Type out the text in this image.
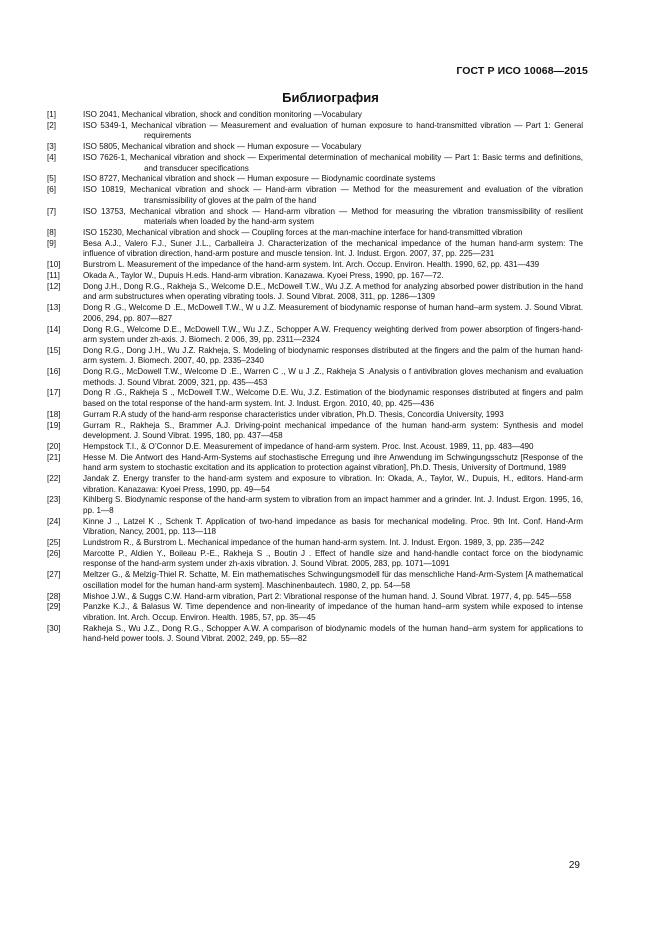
ГОСТ Р ИСО 10068—2015
Библиография
[1]	ISO 2041, Mechanical vibration, shock and condition monitoring —Vocabulary
[2]	ISO 5349-1, Mechanical vibration — Measurement and evaluation of human exposure to hand-transmitted vibration — Part 1: General requirements
[3]	ISO 5805, Mechanical vibration and shock — Human exposure — Vocabulary
[4]	ISO 7626-1, Mechanical vibration and shock — Experimental determination of mechanical mobility — Part 1: Basic terms and definitions, and transducer specifications
[5]	ISO 8727, Mechanical vibration and shock — Human exposure — Biodynamic coordinate systems
[6]	ISO 10819, Mechanical vibration and shock — Hand-arm vibration — Method for the measurement and evaluation of the vibration transmissibility of gloves at the palm of the hand
[7]	ISO 13753, Mechanical vibration and shock — Hand-arm vibration — Method for measuring the vibration transmissibility of resilient materials when loaded by the hand-arm system
[8]	ISO 15230, Mechanical vibration and shock — Coupling forces at the man-machine interface for hand-transmitted vibration
[9]	Besa A.J., Valero F.J., Suner J.L., Carballeira J. Characterization of the mechanical impedance of the human hand-arm system: The influence of vibration direction, hand-arm posture and muscle tension. Int. J. Indust. Ergon. 2007, 37, pp. 225—231
[10]	Burstrom L. Measurement of the impedance of the hand-arm system. Int. Arch. Occup. Environ. Health. 1990, 62, pp. 431—439
[11]	Okada A., Taylor W., Dupuis H.eds. Hand-arm vibration. Kanazawa. Kyoei Press, 1990, pp. 167—72.
[12]	Dong J.H., Dong R.G., Rakheja S., Welcome D.E., McDowell T.W., Wu J.Z. A method for analyzing absorbed power distribution in the hand and arm substructures when operating vibrating tools. J. Sound Vibrat. 2008, 311, pp. 1286—1309
[13]	Dong R .G., Welcome D .E., McDowell T.W., W u J.Z. Measurement of biodynamic response of human hand–arm system. J. Sound Vibrat. 2006, 294, pp. 807—827
[14]	Dong R.G., Welcome D.E., McDowell T.W., Wu J.Z., Schopper A.W. Frequency weighting derived from power absorption of fingers-hand-arm system under zh-axis. J. Biomech. 2 006, 39, pp. 2311—2324
[15]	Dong R.G., Dong J.H., Wu J.Z. Rakheja, S. Modeling of biodynamic responses distributed at the fingers and the palm of the human hand-arm system. J. Biomech. 2007, 40, pp. 2335–2340
[16]	Dong R.G., McDowell T.W., Welcome D .E., Warren C ., W u J .Z., Rakheja S .Analysis o f antivibration gloves mechanism and evaluation methods. J. Sound Vibrat. 2009, 321, pp. 435—453
[17]	Dong R .G., Rakheja S ., McDowell T.W., Welcome D.E. Wu, J.Z. Estimation of the biodynamic responses distributed at fingers and palm based on the total response of the hand-arm system. Int. J. Indust. Ergon. 2010, 40, pp. 425—436
[18]	Gurram R.A study of the hand-arm response characteristics under vibration, Ph.D. Thesis, Concordia University, 1993
[19]	Gurram R., Rakheja S., Brammer A.J. Driving-point mechanical impedance of the human hand-arm system: Synthesis and model development. J. Sound Vibrat. 1995, 180, pp. 437—458
[20]	Hempstock T.I., & O’Connor D.E. Measurement of impedance of hand-arm system. Proc. Inst. Acoust. 1989, 11, pp. 483—490
[21]	Hesse M. Die Antwort des Hand-Arm-Systems auf stochastische Erregung und ihre Anwendung im Schwingungsschutz [Response of the hand arm system to stochastic excitation and its application to protection against vibration], Ph.D. Thesis, University of Dortmund, 1989
[22]	Jandak Z. Energy transfer to the hand-arm system and exposure to vibration. In: Okada, A., Taylor, W., Dupuis, H., editors. Hand-arm vibration. Kanazawa: Kyoei Press, 1990, pp. 49—54
[23]	Kihlberg S. Biodynamic response of the hand-arm system to vibration from an impact hammer and a grinder. Int. J. Indust. Ergon. 1995, 16, pp. 1—8
[24]	Kinne J ., Latzel K ., Schenk T. Application of two-hand impedance as basis for mechanical modeling. Proc. 9th Int. Conf. Hand-Arm Vibration, Nancy, 2001, pp. 113—118
[25]	Lundstrom R., & Burstrom L. Mechanical impedance of the human hand-arm system. Int. J. Indust. Ergon. 1989, 3, pp. 235—242
[26]	Marcotte P., Aldien Y., Boileau P.-E., Rakheja S ., Boutin J . Effect of handle size and hand-handle contact force on the biodynamic response of the hand-arm system under zh-axis vibration. J. Sound Vibrat. 2005, 283, pp. 1071—1091
[27]	Meltzer G., & Melzig-Thiel R. Schatte, M. Ein mathematisches Schwingungsmodell für das menschliche Hand-Arm-System [A mathematical oscillation model for the human hand-arm system]. Maschinenbautech. 1980, 2, pp. 54—58
[28]	Mishoe J.W., & Suggs C.W. Hand-arm vibration, Part 2: Vibrational response of the human hand. J. Sound Vibrat. 1977, 4, pp. 545—558
[29]	Panzke K.J., & Balasus W. Time dependence and non-linearity of impedance of the human hand–arm system while exposed to intense vibration. Int. Arch. Occup. Environ. Health. 1985, 57, pp. 35—45
[30]	Rakheja S., Wu J.Z., Dong R.G., Schopper A.W. A comparison of biodynamic models of the human hand–arm system for applications to hand-held power tools. J. Sound Vibrat. 2002, 249, pp. 55—82
29
